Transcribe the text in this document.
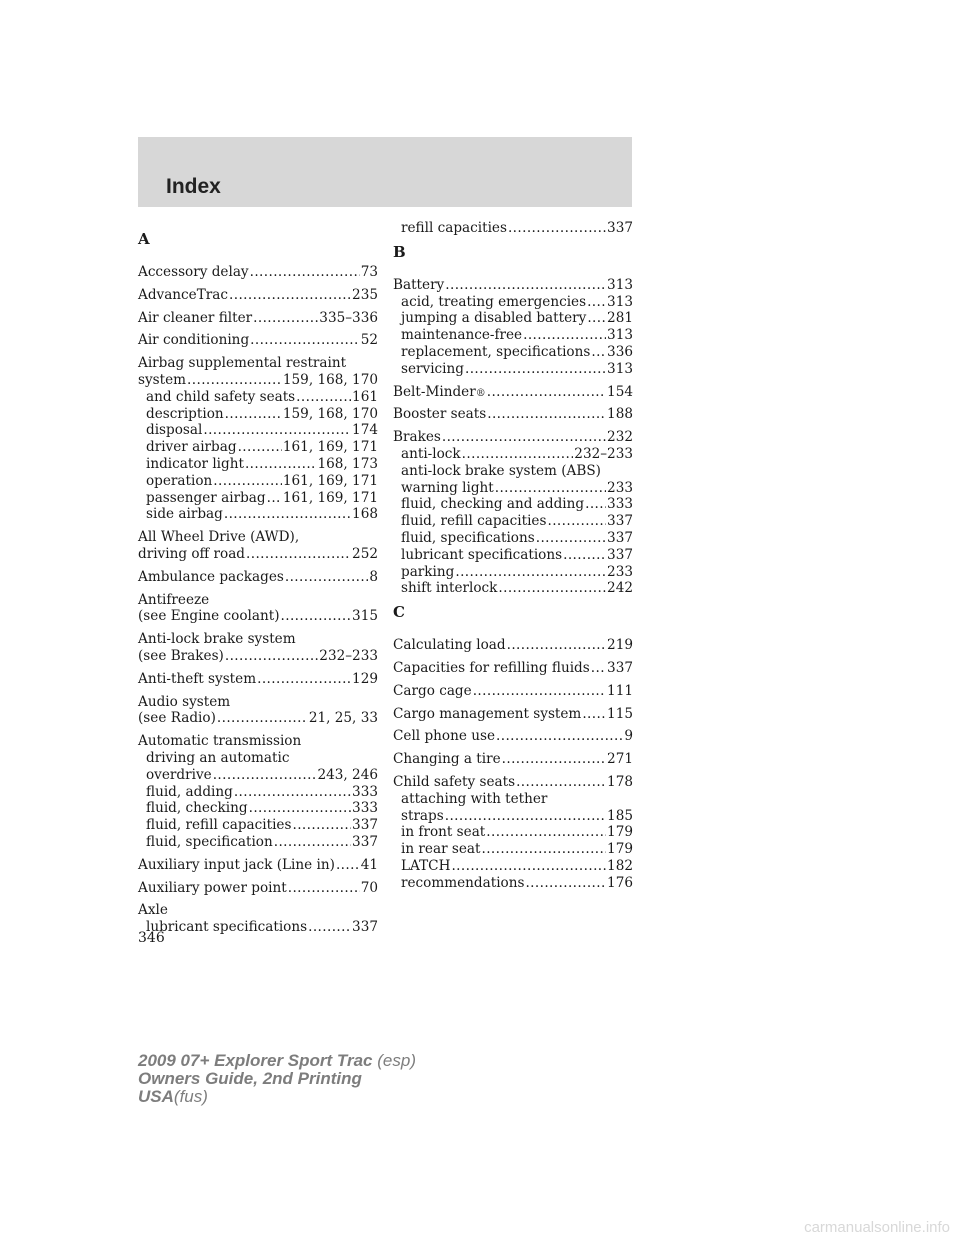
Index
A
Accessory delay .....	73
AdvanceTrac .....	235
Air cleaner filter .....	335–336
Air conditioning .....	52
Airbag supplemental restraint
system .....	159, 168, 170
and child safety seats .....	161
description .....	159, 168, 170
disposal .....	174
driver airbag .....	161, 169, 171
indicator light .....	168, 173
operation .....	161, 169, 171
passenger airbag ..... 161, 169, 171
side airbag .....	168
All Wheel Drive (AWD),
driving off road .....	252
Ambulance packages .....	8
Antifreeze
(see Engine coolant) .....	315
Anti-lock brake system
(see Brakes) .....	232–233
Anti-theft system .....	129
Audio system
(see Radio) .....	21, 25, 33
Automatic transmission
driving an automatic
overdrive .....	243, 246
fluid, adding .....	333
fluid, checking .....	333
fluid, refill capacities .....	337
fluid, specification .....	337
Auxiliary input jack (Line in) ..... 41
Auxiliary power point .....	70
Axle
lubricant specifications .....	337
refill capacities .....	337
B
Battery .....	313
acid, treating emergencies ..... 313
jumping a disabled battery ..... 281
maintenance-free .....	313
replacement, specifications ..... 336
servicing .....	313
Belt-Minder ® .....	154
Booster seats .....	188
Brakes .....	232
anti-lock .....	232–233
anti-lock brake system (ABS)
warning light .....	233
fluid, checking and adding ..... 333
fluid, refill capacities .....	337
fluid, specifications .....	337
lubricant specifications .....	337
parking .....	233
shift interlock .....	242
C
Calculating load .....	219
Capacities for refilling fluids ..... 337
Cargo cage .....	111
Cargo management system ..... 115
Cell phone use .....	9
Changing a tire .....	271
Child safety seats .....	178
attaching with tether
straps .....	185
in front seat .....	179
in rear seat .....	179
LATCH .....	182
recommendations .....	176
346
2009 07+ Explorer Sport Trac (esp)
Owners Guide, 2nd Printing
USA(fus)
carmanualsonline.info
